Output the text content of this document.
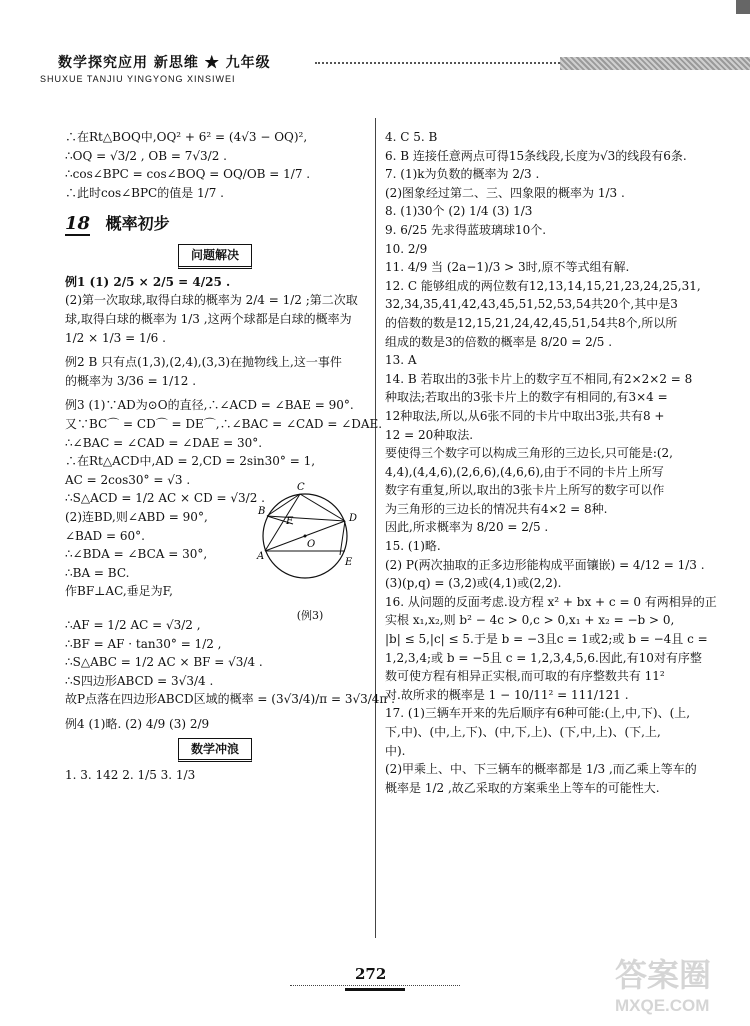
数学探究应用 新思维 ★ 九年级
SHUXUE TANJIU YINGYONG XINSIWEI
∴在Rt△BOQ中,OQ² + 6² = (4√3 − OQ)²,
∴OQ = √3/2 , OB = 7√3/2 .
∴cos∠BPC = cos∠BOQ = OQ/OB = 1/7 .
∴此时cos∠BPC的值是 1/7 .
18 概率初步
问题解决
例1 (1) 2/5 × 2/5 = 4/25 .
(2)第一次取球,取得白球的概率为 2/4 = 1/2 ;第二次取
球,取得白球的概率为 1/3 ,这两个球都是白球的概率为
1/2 × 1/3 = 1/6 .
例2 B 只有点(1,3),(2,4),(3,3)在抛物线上,这一事件
的概率为 3/36 = 1/12 .
例3 (1)∵AD为⊙O的直径,∴∠ACD = ∠BAE = 90°.
又∵BC⌒ = CD⌒ = DE⌒,∴∠BAC = ∠CAD = ∠DAE.
∴∠BAC = ∠CAD = ∠DAE = 30°.
∴在Rt△ACD中,AD = 2,CD = 2sin30° = 1,
AC = 2cos30° = √3 .
∴S△ACD = 1/2 AC × CD = √3/2 .
(2)连BD,则∠ABD = 90°,
∠BAD = 60°.
∴∠BDA = ∠BCA = 30°,
∴BA = BC.
作BF⊥AC,垂足为F,
B
C
D
F
O
A
E
(例3)
∴AF = 1/2 AC = √3/2 ,
∴BF = AF · tan30° = 1/2 ,
∴S△ABC = 1/2 AC × BF = √3/4 .
∴S四边形ABCD = 3√3/4 .
故P点落在四边形ABCD区域的概率 = (3√3/4)/π = 3√3/4π .
例4 (1)略. (2) 4/9 (3) 2/9
数学冲浪
1. 3. 142 2. 1/5 3. 1/3
4. C 5. B
6. B 连接任意两点可得15条线段,长度为√3的线段有6条.
7. (1)k为负数的概率为 2/3 .
(2)图象经过第二、三、四象限的概率为 1/3 .
8. (1)30个 (2) 1/4 (3) 1/3
9. 6/25 先求得蓝玻璃球10个.
10. 2/9
11. 4/9 当 (2a−1)/3 > 3时,原不等式组有解.
12. C 能够组成的两位数有12,13,14,15,21,23,24,25,31,
32,34,35,41,42,43,45,51,52,53,54共20个,其中是3
的倍数的数是12,15,21,24,42,45,51,54共8个,所以所
组成的数是3的倍数的概率是 8/20 = 2/5 .
13. A
14. B 若取出的3张卡片上的数字互不相同,有2×2×2 = 8
种取法;若取出的3张卡片上的数字有相同的,有3×4 =
12种取法,所以,从6张不同的卡片中取出3张,共有8 +
12 = 20种取法.
要使得三个数字可以构成三角形的三边长,只可能是:(2,
4,4),(4,4,6),(2,6,6),(4,6,6),由于不同的卡片上所写
数字有重复,所以,取出的3张卡片上所写的数字可以作
为三角形的三边长的情况共有4×2 = 8种.
因此,所求概率为 8/20 = 2/5 .
15. (1)略.
(2) P(两次抽取的正多边形能构成平面镶嵌) = 4/12 = 1/3 .
(3)(p,q) = (3,2)或(4,1)或(2,2).
16. 从问题的反面考虑.设方程 x² + bx + c = 0 有两相异的正
实根 x₁,x₂,则 b² − 4c > 0,c > 0,x₁ + x₂ = −b > 0,
|b| ≤ 5,|c| ≤ 5.于是 b = −3且c = 1或2;或 b = −4且 c =
1,2,3,4;或 b = −5且 c = 1,2,3,4,5,6.因此,有10对有序整
数可使方程有相异正实根,而可取的有序整数共有 11²
对.故所求的概率是 1 − 10/11² = 111/121 .
17. (1)三辆车开来的先后顺序有6种可能:(上,中,下)、(上,
下,中)、(中,上,下)、(中,下,上)、(下,中,上)、(下,上,
中).
(2)甲乘上、中、下三辆车的概率都是 1/3 ,而乙乘上等车的
概率是 1/2 ,故乙采取的方案乘坐上等车的可能性大.
272	答案圈
MXQE.COM
